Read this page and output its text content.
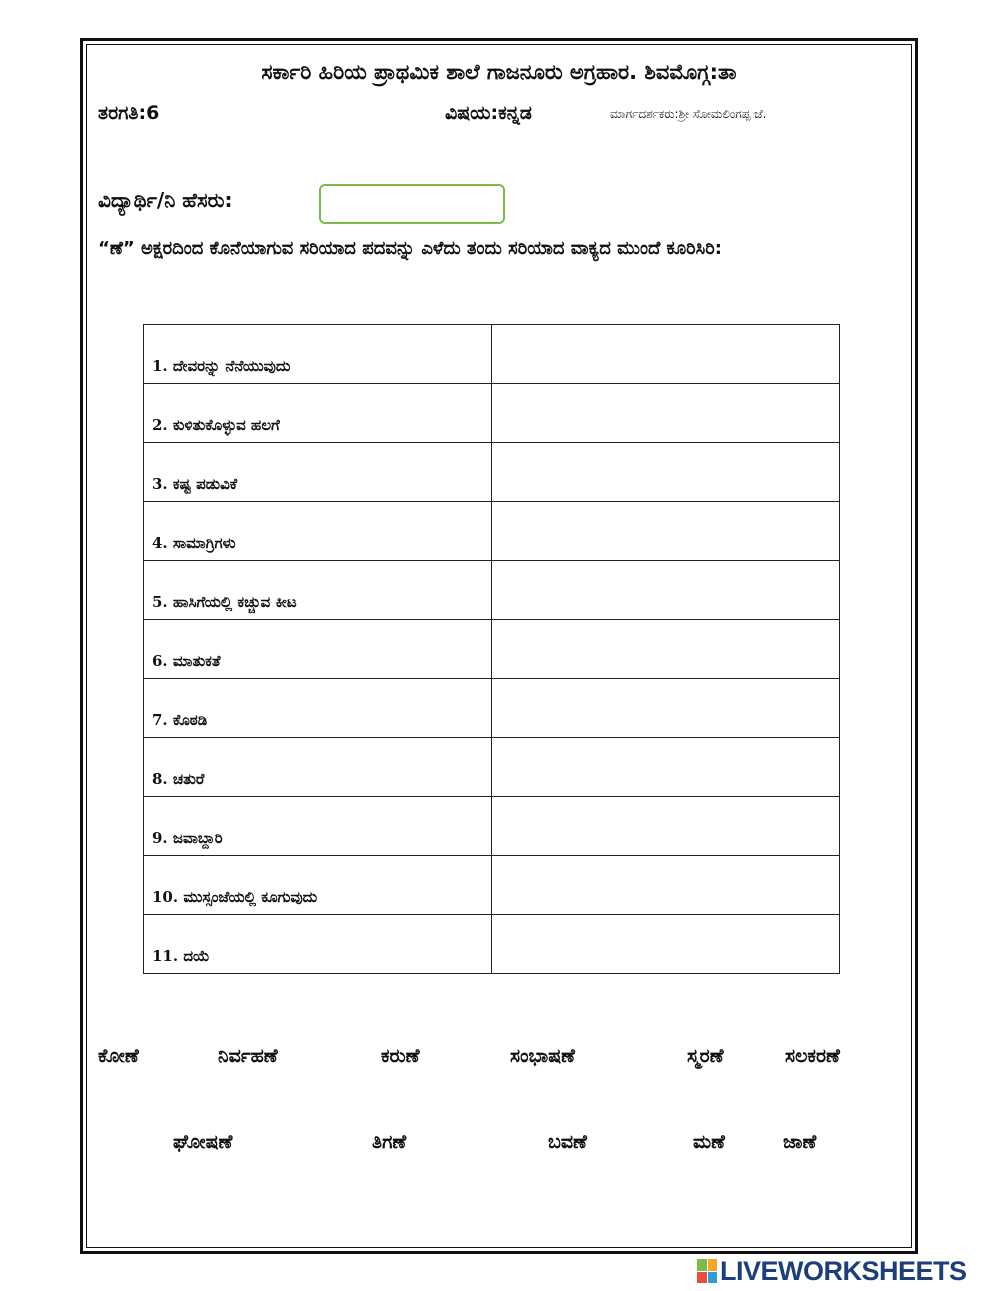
ಸರ್ಕಾರಿ ಹಿರಿಯ ಪ್ರಾಥಮಿಕ ಶಾಲೆ ಗಾಜನೂರು ಅಗ್ರಹಾರ. ಶಿವಮೊಗ್ಗ:ತಾ
ತರಗತಿ:6	ವಿಷಯ:ಕನ್ನಡ	ಮಾರ್ಗದರ್ಶಕರು:ಶ್ರೀ ಸೋಮಲಿಂಗಪ್ಪ ಜೆ.
ವಿದ್ಯಾರ್ಥಿ/ನಿ ಹೆಸರು:
“ಣೆ” ಅಕ್ಷರದಿಂದ ಕೊನೆಯಾಗುವ ಸರಿಯಾದ ಪದವನ್ನು ಎಳೆದು ತಂದು ಸರಿಯಾದ ವಾಕ್ಯದ ಮುಂದೆ ಕೂರಿಸಿರಿ:

1. ದೇವರನ್ನು ನೆನೆಯುವುದು	
2. ಕುಳಿತುಕೊಳ್ಳುವ ಹಲಗೆ	
3. ಕಷ್ಟ ಪಡುವಿಕೆ	
4. ಸಾಮಾಗ್ರಿಗಳು	
5. ಹಾಸಿಗೆಯಲ್ಲಿ ಕಚ್ಚುವ ಕೀಟ	
6. ಮಾತುಕತೆ	
7. ಕೊಠಡಿ	
8. ಚತುರೆ	
9. ಜವಾಬ್ದಾರಿ	
10. ಮುಸ್ಸಂಜೆಯಲ್ಲಿ ಕೂಗುವುದು	
11. ದಯೆ	
ಕೋಣೆ	ನಿರ್ವಹಣೆ	ಕರುಣೆ	ಸಂಭಾಷಣೆ	ಸ್ಮರಣೆ	ಸಲಕರಣೆ
ಘೋಷಣೆ	ತಿಗಣೆ	ಬವಣೆ	ಮಣೆ	ಜಾಣೆ
LIVEWORKSHEETS
